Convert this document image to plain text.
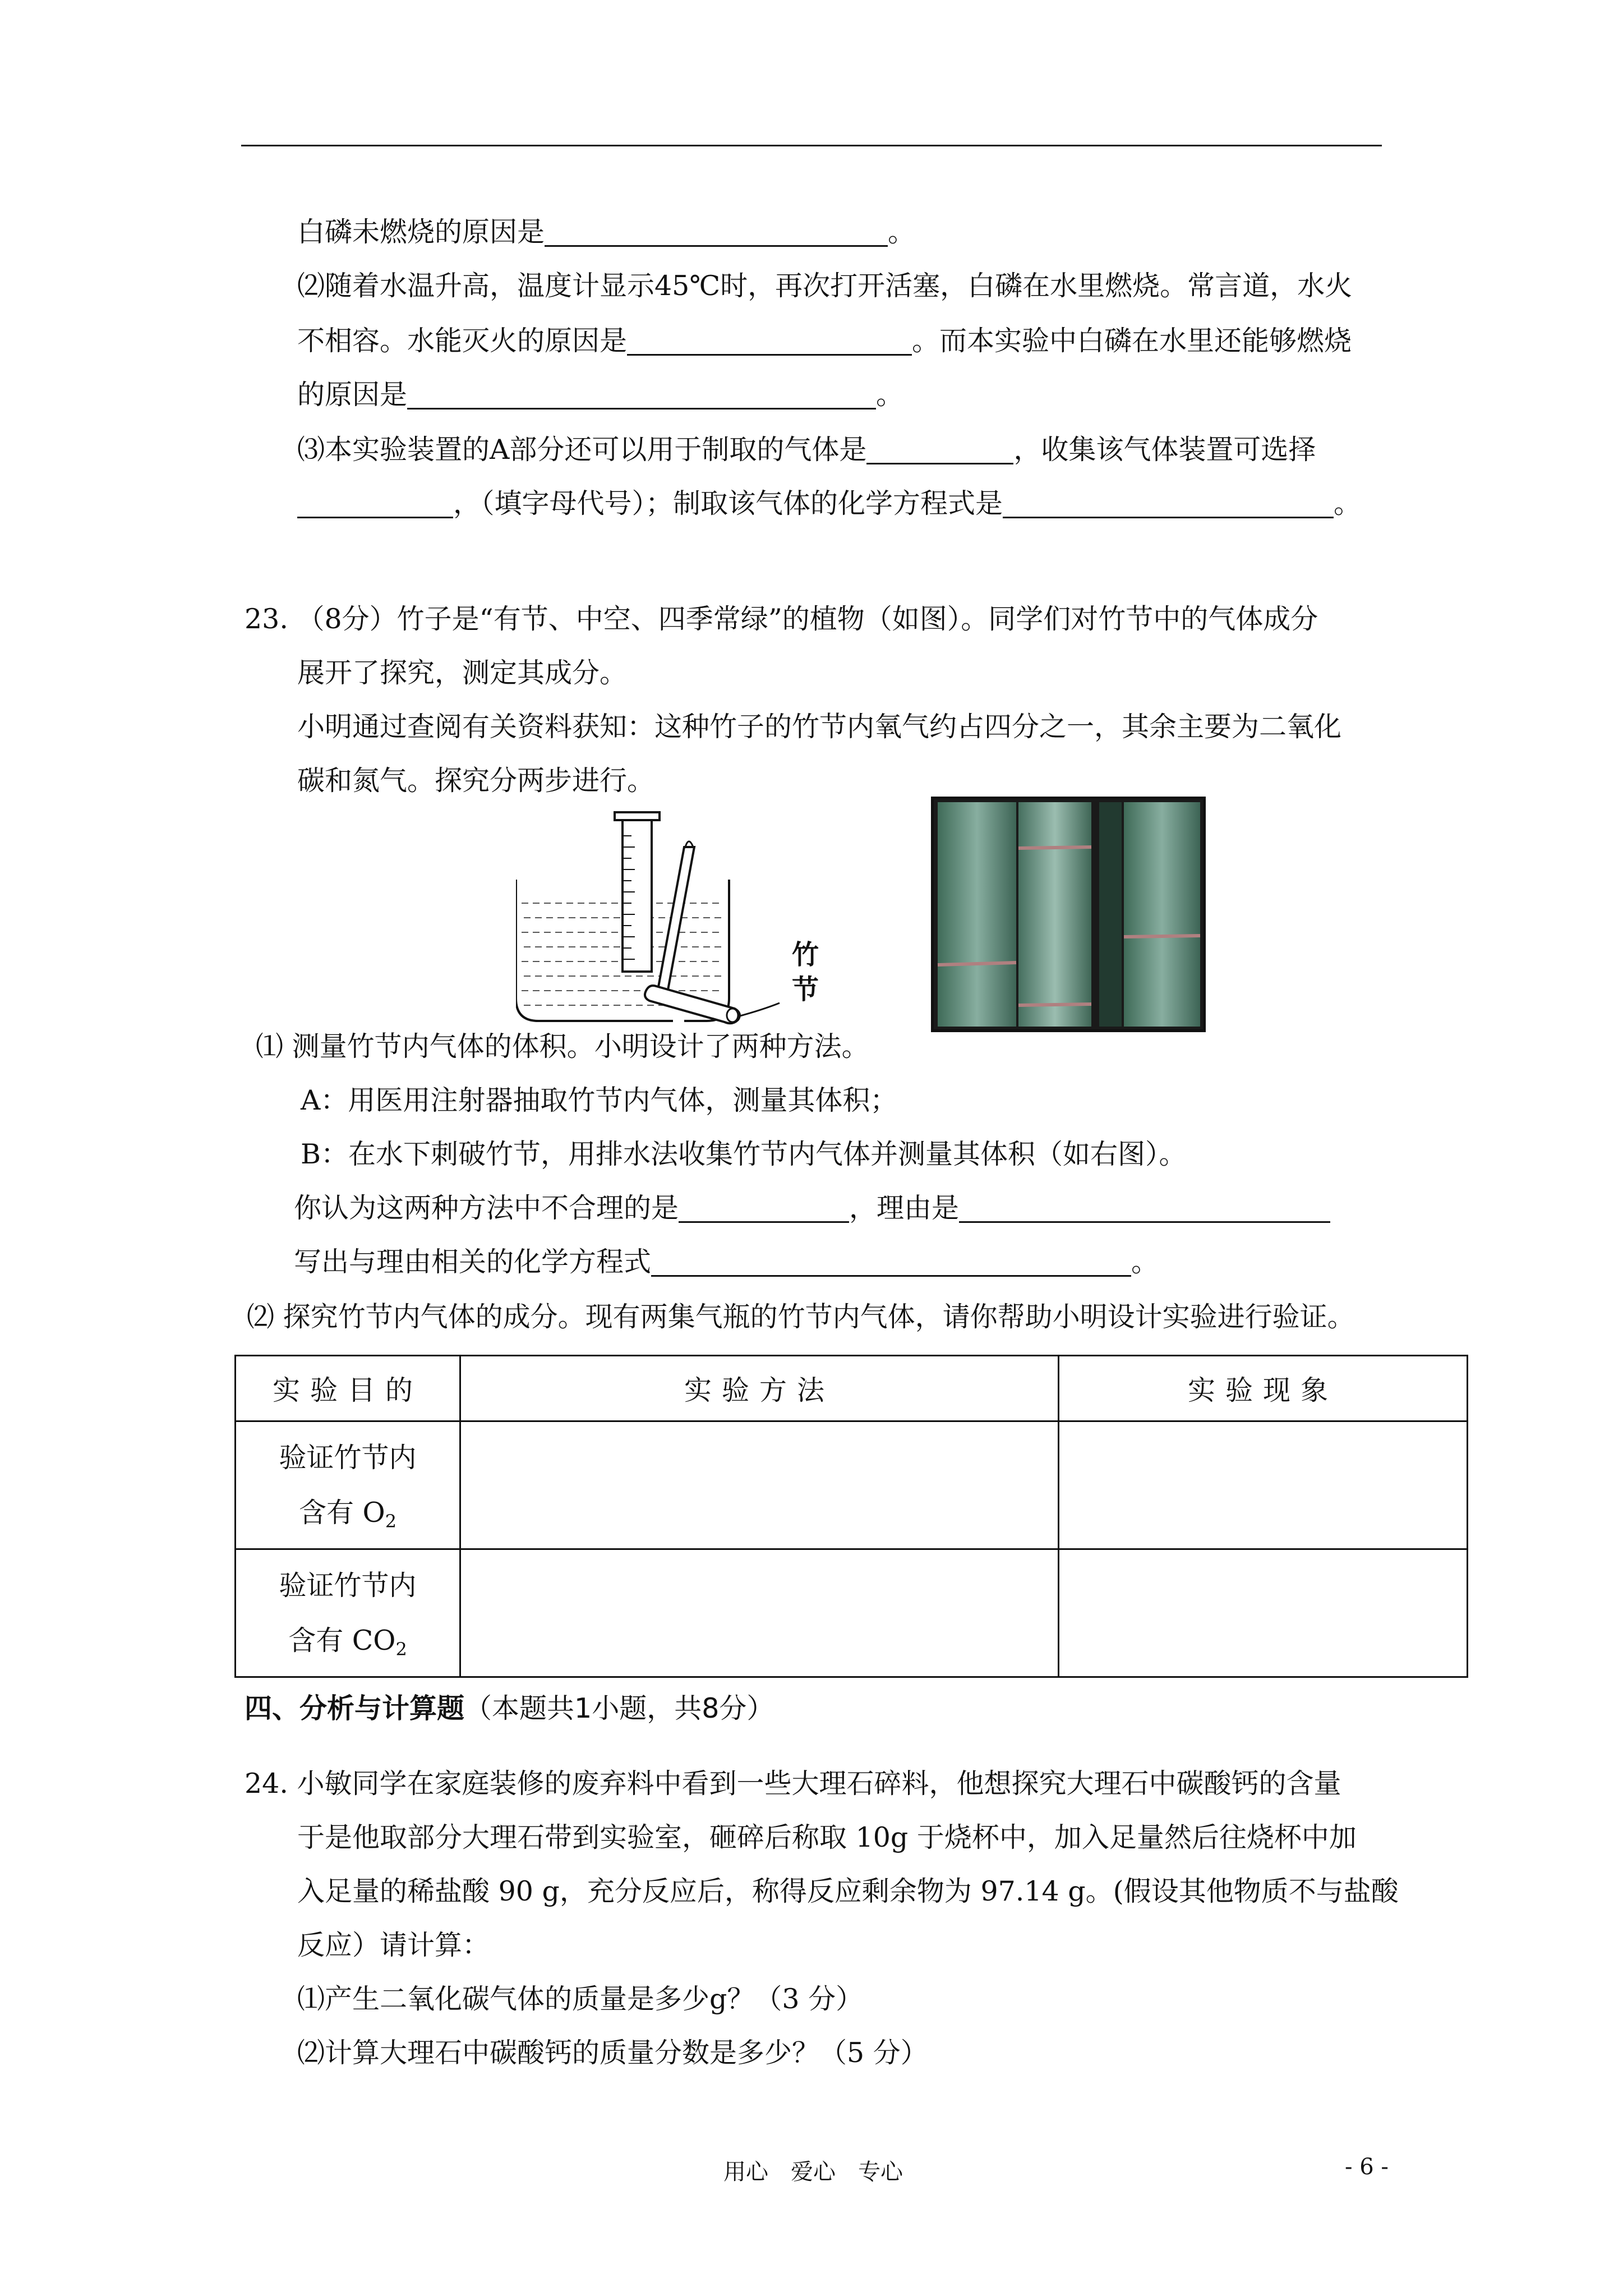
白磷未燃烧的原因是	。
⑵随着水温升高，温度计显示45℃时，再次打开活塞，白磷在水里燃烧。常言道，水火
不相容。水能灭火的原因是	。而本实验中白磷在水里还能够燃烧
的原因是	。
⑶本实验装置的A部分还可以用于制取的气体是	，收集该气体装置可选择
，（填字母代号）；制取该气体的化学方程式是	。
23. （8分）竹子是“有节、中空、四季常绿”的植物（如图）。同学们对竹节中的气体成分
展开了探究，测定其成分。
小明通过查阅有关资料获知：这种竹子的竹节内氧气约占四分之一，其余主要为二氧化
碳和氮气。探究分两步进行。
竹
节
⑴ 测量竹节内气体的体积。小明设计了两种方法。
A：用医用注射器抽取竹节内气体，测量其体积；
B：在水下刺破竹节，用排水法收集竹节内气体并测量其体积（如右图）。
你认为这两种方法中不合理的是	，理由是
写出与理由相关的化学方程式	。
⑵ 探究竹节内气体的成分。现有两集气瓶的竹节内气体，请你帮助小明设计实验进行验证。
实验目的	实验方法	实验现象

验证竹节内
含有 $O_2$

验证竹节内
含有 $CO_2$

四、分析与计算题（本题共1小题，共8分）
24. 小敏同学在家庭装修的废弃料中看到一些大理石碎料，他想探究大理石中碳酸钙的含量
于是他取部分大理石带到实验室，砸碎后称取 10g 于烧杯中，加入足量然后往烧杯中加
入足量的稀盐酸 90 g，充分反应后，称得反应剩余物为 97.14 g。(假设其他物质不与盐酸
反应）请计算：
⑴产生二氧化碳气体的质量是多少g？（3 分）
⑵计算大理石中碳酸钙的质量分数是多少？（5 分）
用心　爱心　专心	- 6 -
